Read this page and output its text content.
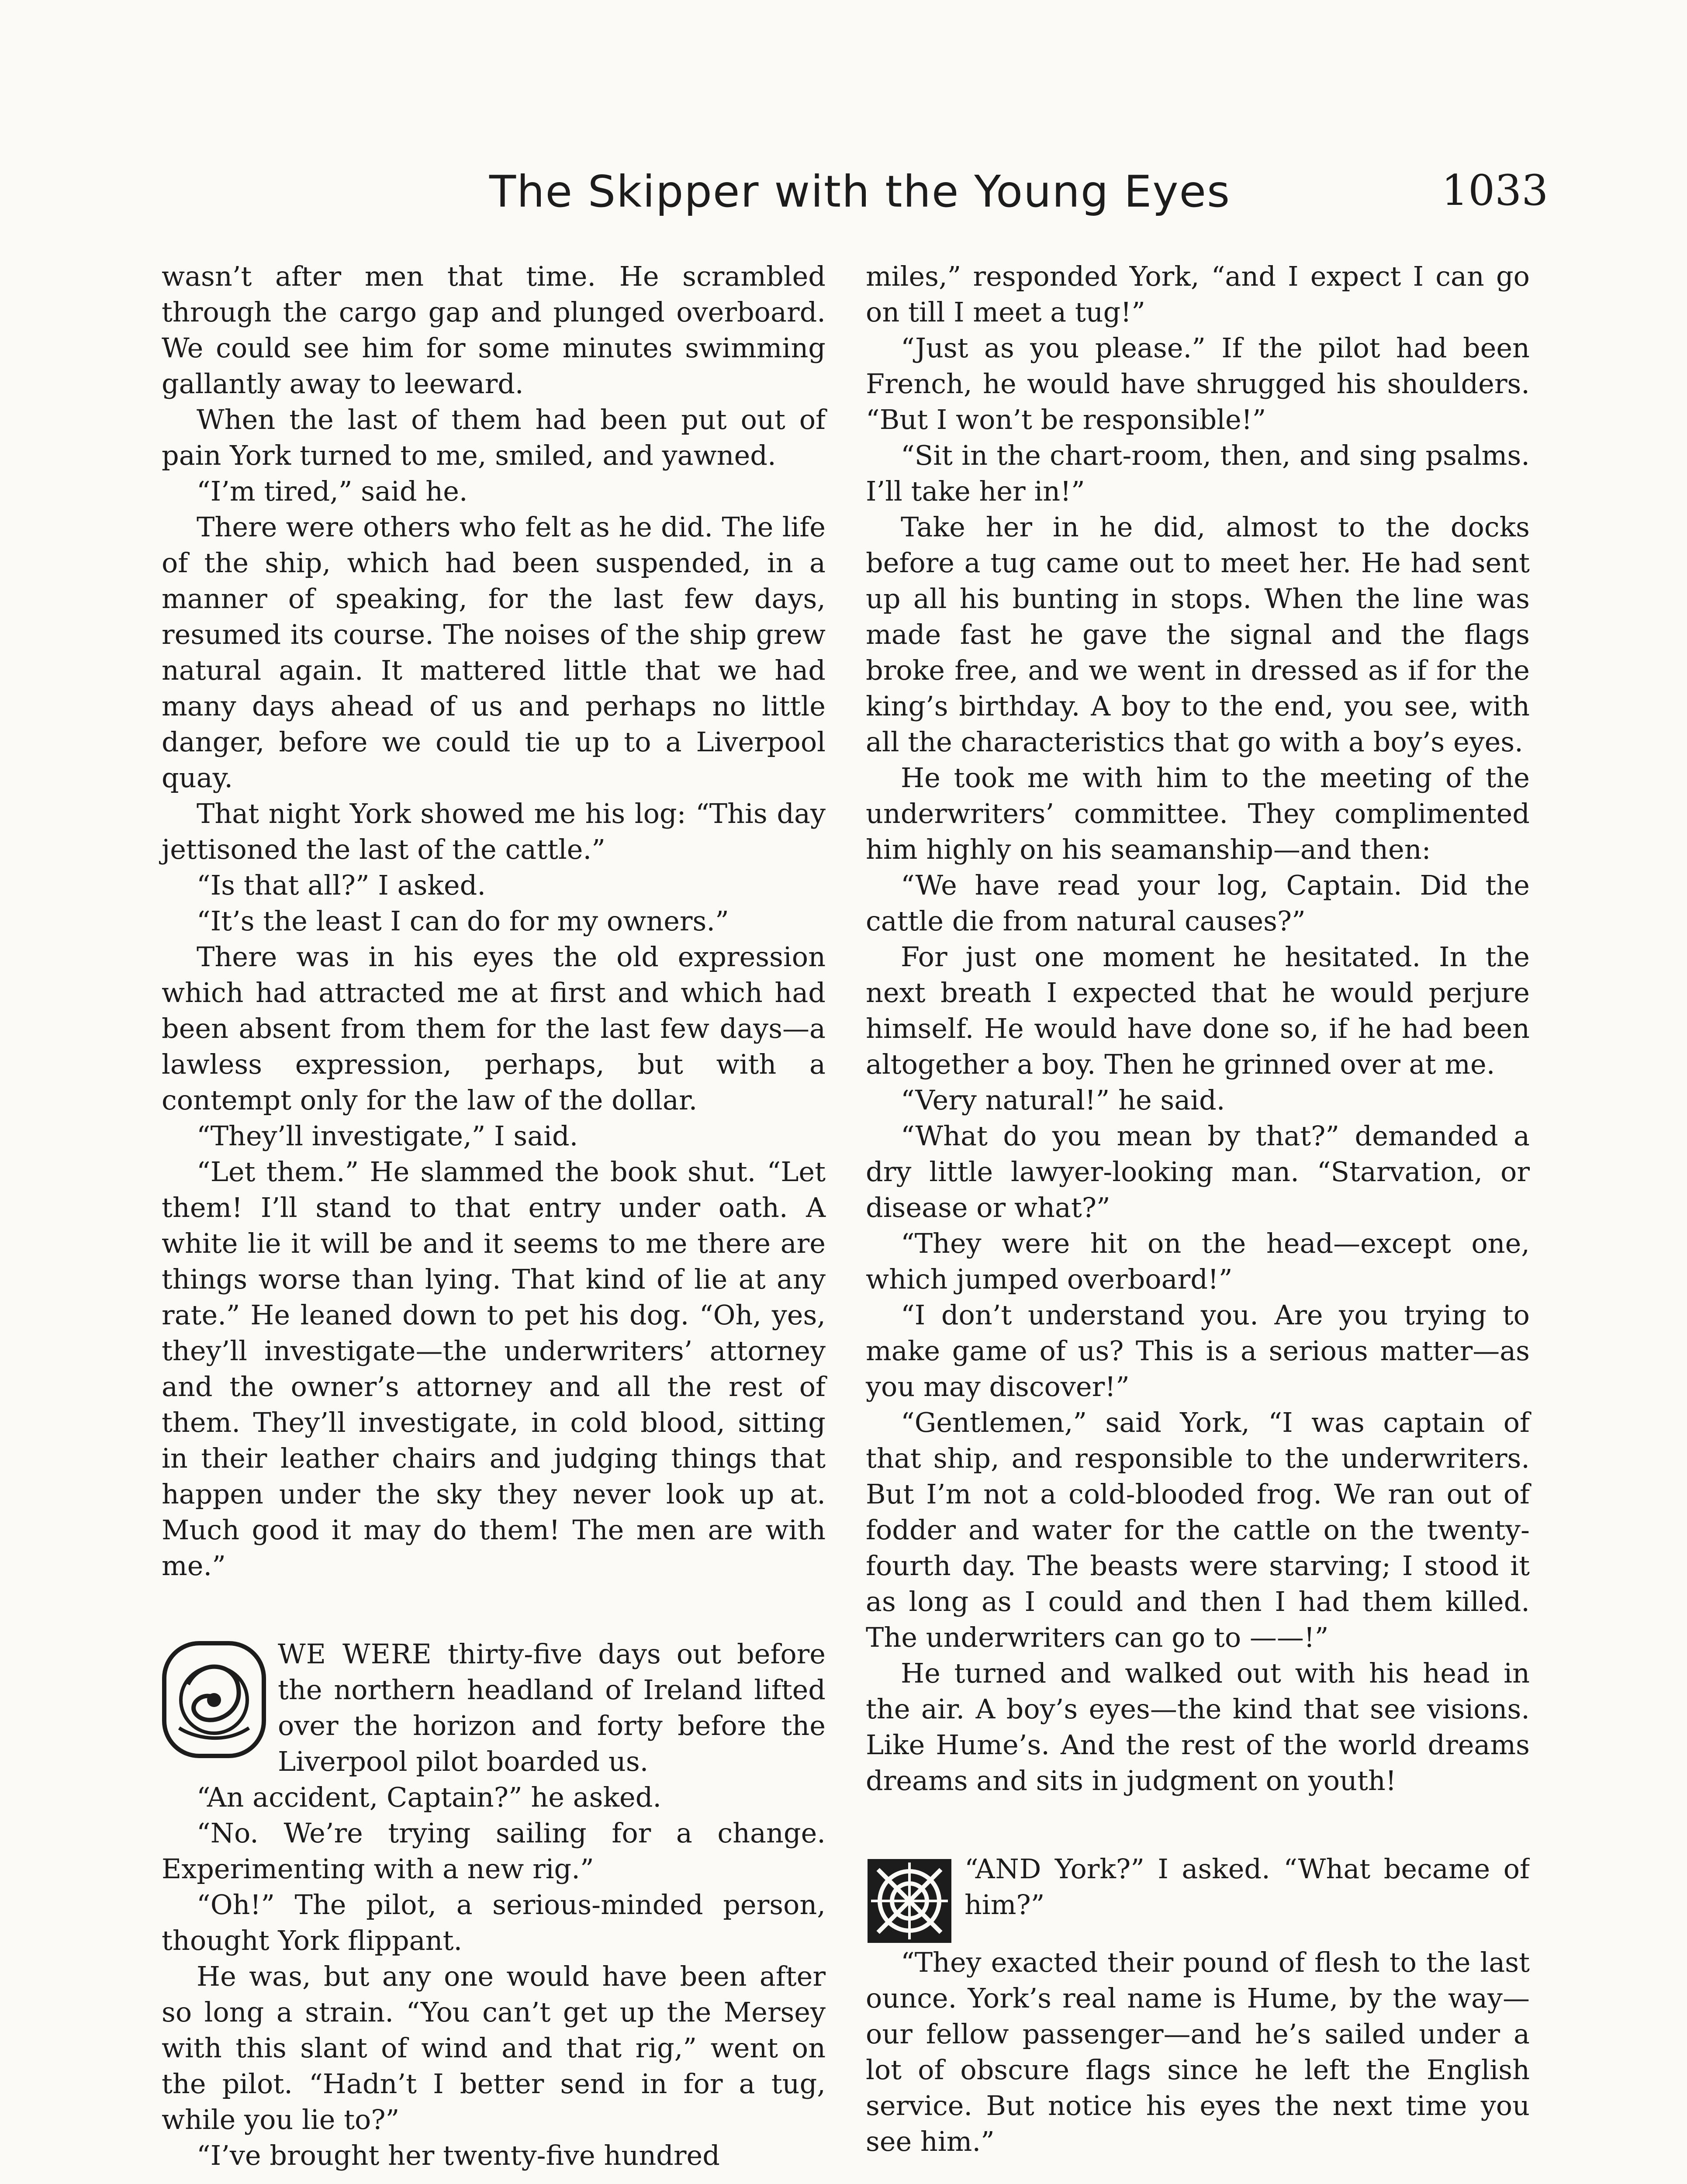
The Skipper with the Young Eyes	1033

wasn’t after men that time. He scrambled through the cargo gap and plunged overboard. We could see him for some minutes swimming gallantly away to leeward.

When the last of them had been put out of pain York turned to me, smiled, and yawned.

“I’m tired,” said he.

There were others who felt as he did. The life of the ship, which had been suspended, in a manner of speaking, for the last few days, resumed its course. The noises of the ship grew natural again. It mattered little that we had many days ahead of us and perhaps no little danger, before we could tie up to a Liverpool quay.

That night York showed me his log: “This day jettisoned the last of the cattle.”

“Is that all?” I asked.

“It’s the least I can do for my owners.”

There was in his eyes the old expression which had attracted me at first and which had been absent from them for the last few days—a lawless expression, perhaps, but with a contempt only for the law of the dollar.

“They’ll investigate,” I said.

“Let them.” He slammed the book shut. “Let them! I’ll stand to that entry under oath. A white lie it will be and it seems to me there are things worse than lying. That kind of lie at any rate.” He leaned down to pet his dog. “Oh, yes, they’ll investigate—the underwriters’ attorney and the owner’s attorney and all the rest of them. They’ll investigate, in cold blood, sitting in their leather chairs and judging things that happen under the sky they never look up at. Much good it may do them! The men are with me.”

WE WERE thirty-five days out before the northern headland of Ireland lifted over the horizon and forty before the Liverpool pilot boarded us.

“An accident, Captain?” he asked.

“No. We’re trying sailing for a change. Experimenting with a new rig.”

“Oh!” The pilot, a serious-minded person, thought York flippant.

He was, but any one would have been after so long a strain. “You can’t get up the Mersey with this slant of wind and that rig,” went on the pilot. “Hadn’t I better send in for a tug, while you lie to?”

“I’ve brought her twenty-five hundred

miles,” responded York, “and I expect I can go on till I meet a tug!”

“Just as you please.” If the pilot had been French, he would have shrugged his shoulders. “But I won’t be responsible!”

“Sit in the chart-room, then, and sing psalms. I’ll take her in!”

Take her in he did, almost to the docks before a tug came out to meet her. He had sent up all his bunting in stops. When the line was made fast he gave the signal and the flags broke free, and we went in dressed as if for the king’s birthday. A boy to the end, you see, with all the characteristics that go with a boy’s eyes.

He took me with him to the meeting of the underwriters’ committee. They complimented him highly on his seamanship—and then:

“We have read your log, Captain. Did the cattle die from natural causes?”

For just one moment he hesitated. In the next breath I expected that he would perjure himself. He would have done so, if he had been altogether a boy. Then he grinned over at me.

“Very natural!” he said.

“What do you mean by that?” demanded a dry little lawyer-looking man. “Starvation, or disease or what?”

“They were hit on the head—except one, which jumped overboard!”

“I don’t understand you. Are you trying to make game of us? This is a serious matter—as you may discover!”

“Gentlemen,” said York, “I was captain of that ship, and responsible to the underwriters. But I’m not a cold-blooded frog. We ran out of fodder and water for the cattle on the twenty-fourth day. The beasts were starving; I stood it as long as I could and then I had them killed. The underwriters can go to ——!”

He turned and walked out with his head in the air. A boy’s eyes—the kind that see visions. Like Hume’s. And the rest of the world dreams dreams and sits in judgment on youth!

“AND York?” I asked. “What became of him?”

“They exacted their pound of flesh to the last ounce. York’s real name is Hume, by the way—our fellow passenger—and he’s sailed under a lot of obscure flags since he left the English service. But notice his eyes the next time you see him.”
